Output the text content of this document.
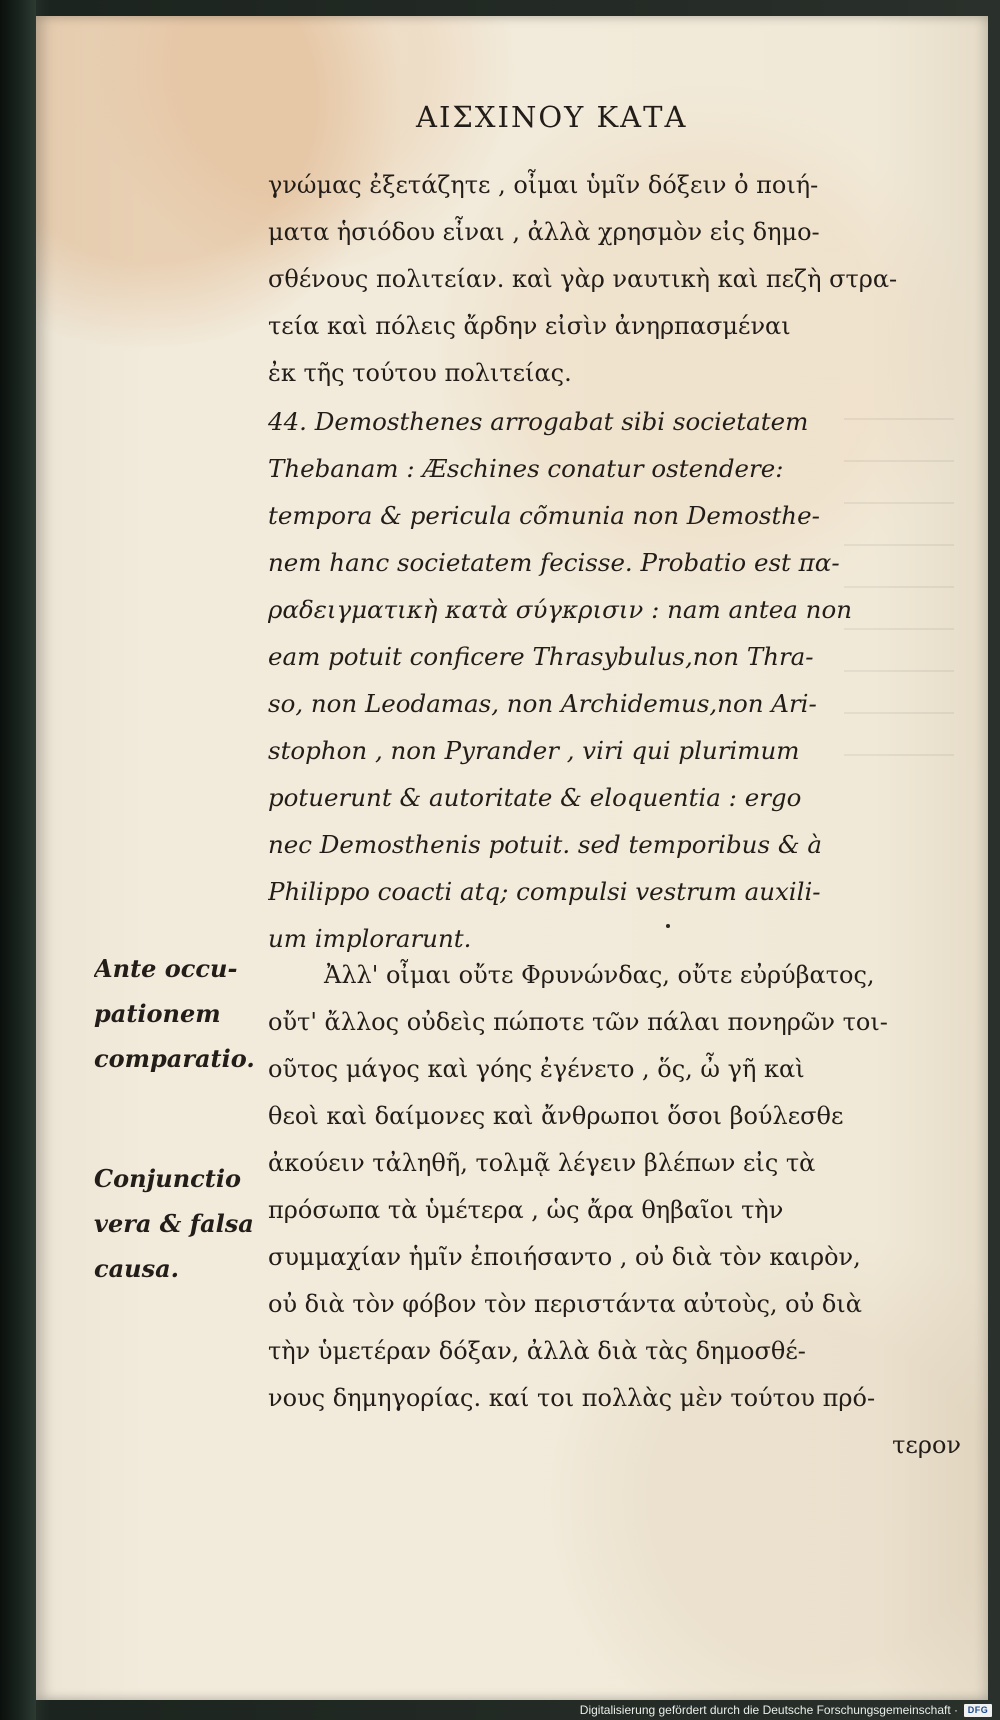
ΑΙΣΧΙΝΟΥ ΚΑΤΑ
γνώμας ἐξετάζητε , οἶμαι ὑμῖν δόξειν ὀ ποιή-
ματα ἡσιόδου εἶναι , ἀλλὰ χρησμὸν εἰς δημο-
σθένους πολιτείαν. καὶ γὰρ ναυτικὴ καὶ πεζὴ στρα-
τεία καὶ πόλεις ἄρδην εἰσὶν ἀνηρπασμέναι
ἐκ τῆς τούτου πολιτείας.
44. Demosthenes arrogabat sibi societatem
Thebanam : Æschines conatur ostendere:
tempora & pericula cõmunia non Demosthe-
nem hanc societatem fecisse. Probatio est πα-
ραδειγματικὴ κατὰ σύγκρισιν : nam antea non
eam potuit conficere Thrasybulus,non Thra-
so, non Leodamas, non Archidemus,non Ari-
stophon , non Pyrander , viri qui plurimum
potuerunt & autoritate & eloquentia : ergo
nec Demosthenis potuit. sed temporibus & à
Philippo coacti atq; compulsi vestrum auxili-
um implorarunt.
Ante occu-
pationem
comparatio.
Conjunctio
vera & falsa
causa.
Ἀλλ' οἶμαι οὔτε Φρυνώνδας, οὔτε εὐρύβατος,
οὔτ' ἄλλος οὐδεὶς πώποτε τῶν πάλαι πονηρῶν τοι-
οῦτος μάγος καὶ γόης ἐγένετο , ὅς, ὦ γῆ καὶ
θεοὶ καὶ δαίμονες καὶ ἄνθρωποι ὅσοι βούλεσθε
ἀκούειν τἀληθῆ, τολμᾷ λέγειν βλέπων εἰς τὰ
πρόσωπα τὰ ὑμέτερα , ὡς ἄρα θηβαῖοι τὴν
συμμαχίαν ἡμῖν ἐποιήσαντο , οὐ διὰ τὸν καιρὸν,
οὐ διὰ τὸν φόβον τὸν περιστάντα αὐτοὺς, οὐ διὰ
τὴν ὑμετέραν δόξαν, ἀλλὰ διὰ τὰς δημοσθέ-
νους δημηγορίας. καί τοι πολλὰς μὲν τούτου πρό-
τερον
Digitalisierung gefördert durch die Deutsche Forschungsgemeinschaft ·	DFG
